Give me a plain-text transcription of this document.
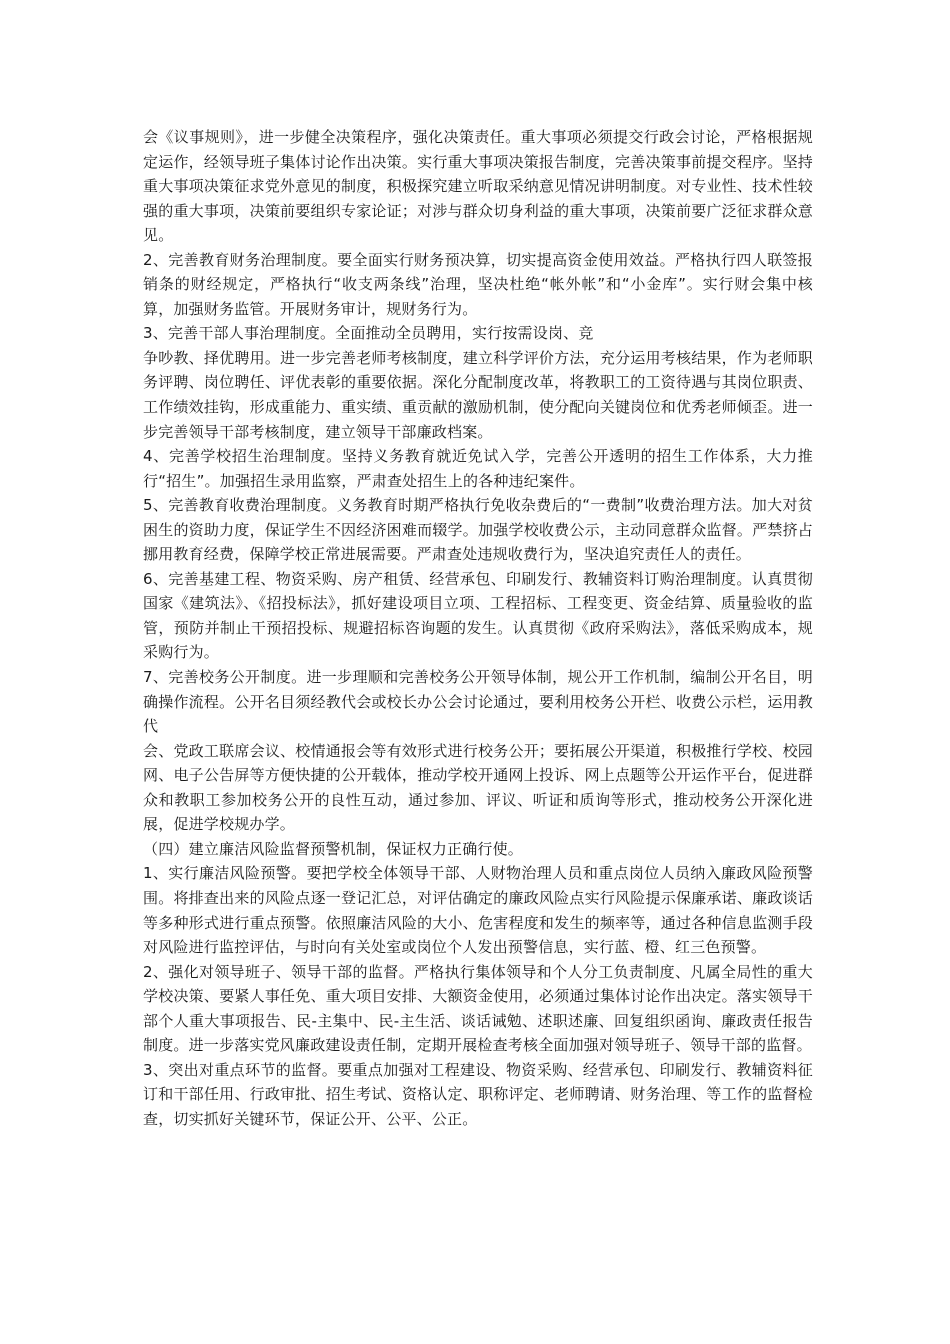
会《议事规则》，进一步健全决策程序，强化决策责任。重大事项必须提交行政会讨论，严格根据规定运作，经领导班子集体讨论作出决策。实行重大事项决策报告制度，完善决策事前提交程序。坚持重大事项决策征求党外意见的制度，积极探究建立听取采纳意见情况讲明制度。对专业性、技术性较强的重大事项，决策前要组织专家论证；对涉与群众切身利益的重大事项，决策前要广泛征求群众意见。

2、完善教育财务治理制度。要全面实行财务预决算，切实提高资金使用效益。严格执行四人联签报销条的财经规定，严格执行“收支两条线”治理，坚决杜绝“帐外帐”和“小金库”。实行财会集中核算，加强财务监管。开展财务审计，规财务行为。

3、完善干部人事治理制度。全面推动全员聘用，实行按需设岗、竞

争吵教、择优聘用。进一步完善老师考核制度，建立科学评价方法，充分运用考核结果，作为老师职务评聘、岗位聘任、评优表彰的重要依据。深化分配制度改革，将教职工的工资待遇与其岗位职责、工作绩效挂钩，形成重能力、重实绩、重贡献的激励机制，使分配向关键岗位和优秀老师倾歪。进一步完善领导干部考核制度，建立领导干部廉政档案。

4、完善学校招生治理制度。坚持义务教育就近免试入学，完善公开透明的招生工作体系，大力推行“招生”。加强招生录用监察，严肃查处招生上的各种违纪案件。

5、完善教育收费治理制度。义务教育时期严格执行免收杂费后的“一费制”收费治理方法。加大对贫困生的资助力度，保证学生不因经济困难而辍学。加强学校收费公示，主动同意群众监督。严禁挤占挪用教育经费，保障学校正常进展需要。严肃查处违规收费行为，坚决追究责任人的责任。

6、完善基建工程、物资采购、房产租赁、经营承包、印刷发行、教辅资料订购治理制度。认真贯彻国家《建筑法》、《招投标法》，抓好建设项目立项、工程招标、工程变更、资金结算、质量验收的监管，预防并制止干预招投标、规避招标咨询题的发生。认真贯彻《政府采购法》，落低采购成本，规采购行为。

7、完善校务公开制度。进一步理顺和完善校务公开领导体制，规公开工作机制，编制公开名目，明确操作流程。公开名目须经教代会或校长办公会讨论通过，要利用校务公开栏、收费公示栏，运用教代

会、党政工联席会议、校情通报会等有效形式进行校务公开；要拓展公开渠道，积极推行学校、校园网、电子公告屏等方便快捷的公开载体，推动学校开通网上投诉、网上点题等公开运作平台，促进群众和教职工参加校务公开的良性互动，通过参加、评议、听证和质询等形式，推动校务公开深化进展，促进学校规办学。

（四）建立廉洁风险监督预警机制，保证权力正确行使。

1、实行廉洁风险预警。要把学校全体领导干部、人财物治理人员和重点岗位人员纳入廉政风险预警围。将排查出来的风险点逐一登记汇总，对评估确定的廉政风险点实行风险提示保廉承诺、廉政谈话等多种形式进行重点预警。依照廉洁风险的大小、危害程度和发生的频率等，通过各种信息监测手段对风险进行监控评估，与时向有关处室或岗位个人发出预警信息，实行蓝、橙、红三色预警。

2、强化对领导班子、领导干部的监督。严格执行集体领导和个人分工负责制度、凡属全局性的重大学校决策、要紧人事任免、重大项目安排、大额资金使用，必须通过集体讨论作出决定。落实领导干部个人重大事项报告、民-主集中、民-主生活、谈话诫勉、述职述廉、回复组织函询、廉政责任报告制度。进一步落实党风廉政建设责任制，定期开展检查考核全面加强对领导班子、领导干部的监督。

3、突出对重点环节的监督。要重点加强对工程建设、物资采购、经营承包、印刷发行、教辅资料征订和干部任用、行政审批、招生考试、资格认定、职称评定、老师聘请、财务治理、等工作的监督检查，切实抓好关键环节，保证公开、公平、公正。
